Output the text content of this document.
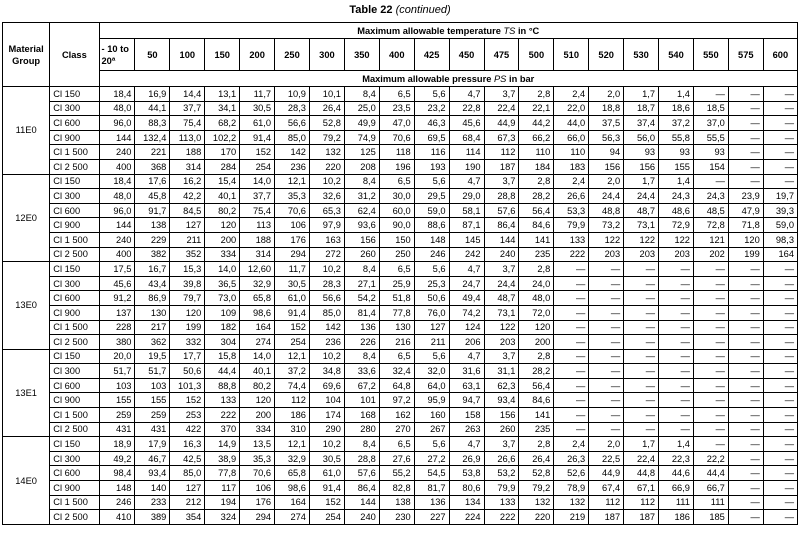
Table 22 (continued)
Material Group	Class	Maximum allowable temperature TS in °C																			
		- 10 to 20ª	50	100	150	200	250	300	350	400	425	450	475	500	510	520	530	540	550	575	600
		Maximum allowable pressure PS in bar																			
11E0	Cl 150	18,4	16,9	14,4	13,1	11,7	10,9	10,1	8,4	6,5	5,6	4,7	3,7	2,8	2,4	2,0	1,7	1,4	—	—	—
	Cl 300	48,0	44,1	37,7	34,1	30,5	28,3	26,4	25,0	23,5	23,2	22,8	22,4	22,1	22,0	18,8	18,7	18,6	18,5	—	—
	Cl 600	96,0	88,3	75,4	68,2	61,0	56,6	52,8	49,9	47,0	46,3	45,6	44,9	44,2	44,0	37,5	37,4	37,2	37,0	—	—
	Cl 900	144	132,4	113,0	102,2	91,4	85,0	79,2	74,9	70,6	69,5	68,4	67,3	66,2	66,0	56,3	56,0	55,8	55,5	—	—
	Cl 1 500	240	221	188	170	152	142	132	125	118	116	114	112	110	110	94	93	93	93	—	—
	Cl 2 500	400	368	314	284	254	236	220	208	196	193	190	187	184	183	156	156	155	154	—	—
12E0	Cl 150	18,4	17,6	16,2	15,4	14,0	12,1	10,2	8,4	6,5	5,6	4,7	3,7	2,8	2,4	2,0	1,7	1,4	—	—	—
	Cl 300	48,0	45,8	42,2	40,1	37,7	35,3	32,6	31,2	30,0	29,5	29,0	28,8	28,2	26,6	24,4	24,4	24,3	24,3	23,9	19,7
	Cl 600	96,0	91,7	84,5	80,2	75,4	70,6	65,3	62,4	60,0	59,0	58,1	57,6	56,4	53,3	48,8	48,7	48,6	48,5	47,9	39,3
	Cl 900	144	138	127	120	113	106	97,9	93,6	90,0	88,6	87,1	86,4	84,6	79,9	73,2	73,1	72,9	72,8	71,8	59,0
	Cl 1 500	240	229	211	200	188	176	163	156	150	148	145	144	141	133	122	122	122	121	120	98,3
	Cl 2 500	400	382	352	334	314	294	272	260	250	246	242	240	235	222	203	203	203	202	199	164
13E0	Cl 150	17,5	16,7	15,3	14,0	12,60	11,7	10,2	8,4	6,5	5,6	4,7	3,7	2,8	—	—	—	—	—	—	—
	Cl 300	45,6	43,4	39,8	36,5	32,9	30,5	28,3	27,1	25,9	25,3	24,7	24,4	24,0	—	—	—	—	—	—	—
	Cl 600	91,2	86,9	79,7	73,0	65,8	61,0	56,6	54,2	51,8	50,6	49,4	48,7	48,0	—	—	—	—	—	—	—
	Cl 900	137	130	120	109	98,6	91,4	85,0	81,4	77,8	76,0	74,2	73,1	72,0	—	—	—	—	—	—	—
	Cl 1 500	228	217	199	182	164	152	142	136	130	127	124	122	120	—	—	—	—	—	—	—
	Cl 2 500	380	362	332	304	274	254	236	226	216	211	206	203	200	—	—	—	—	—	—	—
13E1	Cl 150	20,0	19,5	17,7	15,8	14,0	12,1	10,2	8,4	6,5	5,6	4,7	3,7	2,8	—	—	—	—	—	—	—
	Cl 300	51,7	51,7	50,6	44,4	40,1	37,2	34,8	33,6	32,4	32,0	31,6	31,1	28,2	—	—	—	—	—	—	—
	Cl 600	103	103	101,3	88,8	80,2	74,4	69,6	67,2	64,8	64,0	63,1	62,3	56,4	—	—	—	—	—	—	—
	Cl 900	155	155	152	133	120	112	104	101	97,2	95,9	94,7	93,4	84,6	—	—	—	—	—	—	—
	Cl 1 500	259	259	253	222	200	186	174	168	162	160	158	156	141	—	—	—	—	—	—	—
	Cl 2 500	431	431	422	370	334	310	290	280	270	267	263	260	235	—	—	—	—	—	—	—
14E0	Cl 150	18,9	17,9	16,3	14,9	13,5	12,1	10,2	8,4	6,5	5,6	4,7	3,7	2,8	2,4	2,0	1,7	1,4	—	—	—
	Cl 300	49,2	46,7	42,5	38,9	35,3	32,9	30,5	28,8	27,6	27,2	26,9	26,6	26,4	26,3	22,5	22,4	22,3	22,2	—	—
	Cl 600	98,4	93,4	85,0	77,8	70,6	65,8	61,0	57,6	55,2	54,5	53,8	53,2	52,8	52,6	44,9	44,8	44,6	44,4	—	—
	Cl 900	148	140	127	117	106	98,6	91,4	86,4	82,8	81,7	80,6	79,9	79,2	78,9	67,4	67,1	66,9	66,7	—	—
	Cl 1 500	246	233	212	194	176	164	152	144	138	136	134	133	132	132	112	112	111	111	—	—
	Cl 2 500	410	389	354	324	294	274	254	240	230	227	224	222	220	219	187	187	186	185	—	—
